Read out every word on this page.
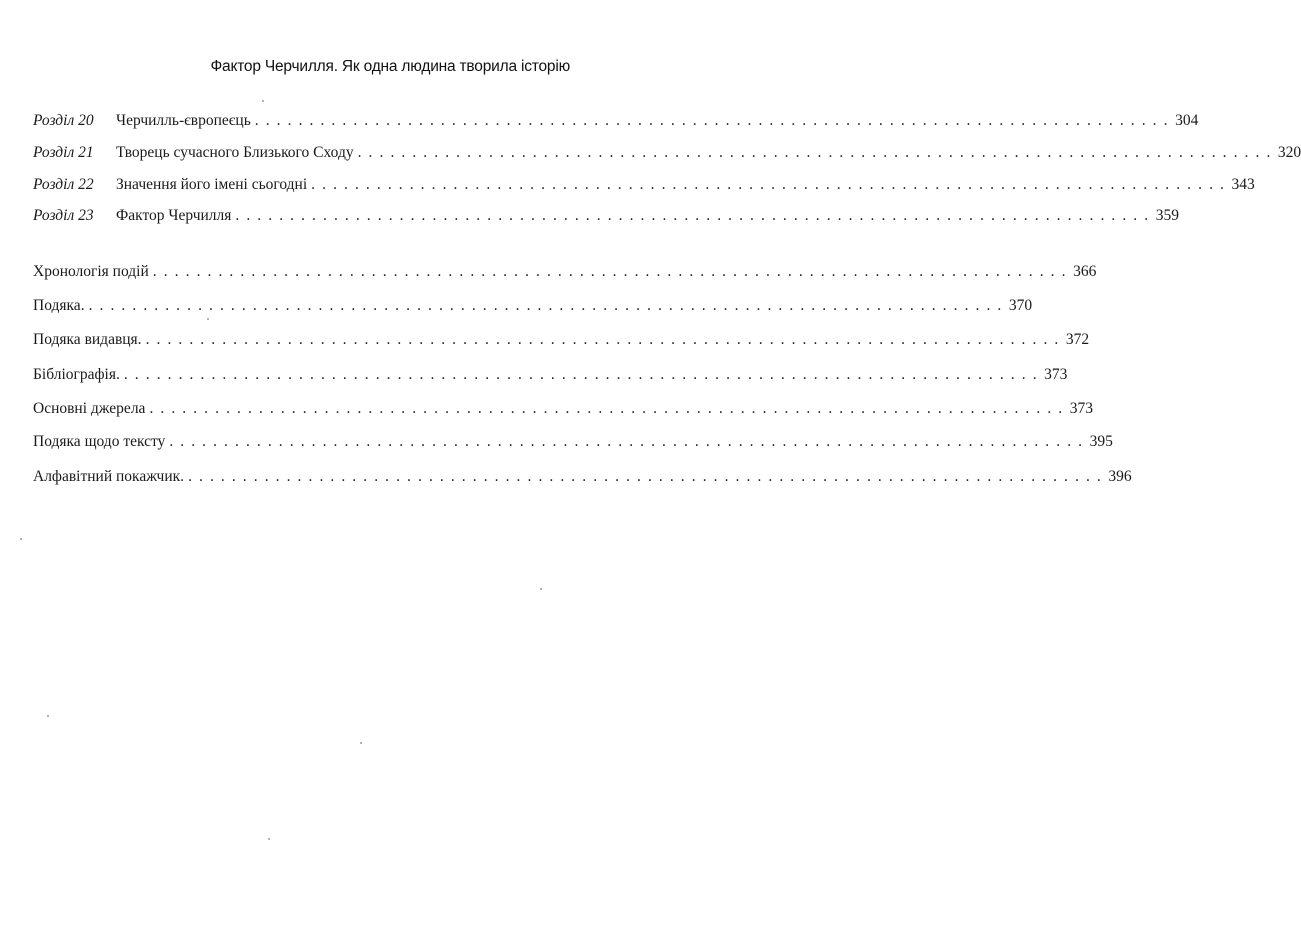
Фактор Черчилля. Як одна людина творила історію
Розділ 20 Черчилль-європеєць . . . . . . . . . . . . . . . . . . . . . . . . . . . . . . . . . . . . . . . . . . . . . . . . . . . . . . . . . . . . . . . . . . . . . . . . . . . . . . . . . . . . 304
Розділ 21 Творець сучасного Близького Сходу . . . . . . . . . . . . . . . . . . . . . . . . . . . . . . . . . . . . . . . . . . . . . . . . . . . . . . . . . . . . . . . . . . . . . . . . . . . . . . . . . . . . 320
Розділ 22 Значення його імені сьогодні . . . . . . . . . . . . . . . . . . . . . . . . . . . . . . . . . . . . . . . . . . . . . . . . . . . . . . . . . . . . . . . . . . . . . . . . . . . . . . . . . . . . 343
Розділ 23 Фактор Черчилля . . . . . . . . . . . . . . . . . . . . . . . . . . . . . . . . . . . . . . . . . . . . . . . . . . . . . . . . . . . . . . . . . . . . . . . . . . . . . . . . . . . . 359
Хронологія подій . . . . . . . . . . . . . . . . . . . . . . . . . . . . . . . . . . . . . . . . . . . . . . . . . . . . . . . . . . . . . . . . . . . . . . . . . . . . . . . . . . . . 366
Подяка. . . . . . . . . . . . . . . . . . . . . . . . . . . . . . . . . . . . . . . . . . . . . . . . . . . . . . . . . . . . . . . . . . . . . . . . . . . . . . . . . . . . . 370
Подяка видавця. . . . . . . . . . . . . . . . . . . . . . . . . . . . . . . . . . . . . . . . . . . . . . . . . . . . . . . . . . . . . . . . . . . . . . . . . . . . . . . . . . . . . 372
Бібліографія. . . . . . . . . . . . . . . . . . . . . . . . . . . . . . . . . . . . . . . . . . . . . . . . . . . . . . . . . . . . . . . . . . . . . . . . . . . . . . . . . . . . . 373
Основні джерела . . . . . . . . . . . . . . . . . . . . . . . . . . . . . . . . . . . . . . . . . . . . . . . . . . . . . . . . . . . . . . . . . . . . . . . . . . . . . . . . . . . . 373
Подяка щодо тексту . . . . . . . . . . . . . . . . . . . . . . . . . . . . . . . . . . . . . . . . . . . . . . . . . . . . . . . . . . . . . . . . . . . . . . . . . . . . . . . . . . . . 395
Алфавітний покажчик. . . . . . . . . . . . . . . . . . . . . . . . . . . . . . . . . . . . . . . . . . . . . . . . . . . . . . . . . . . . . . . . . . . . . . . . . . . . . . . . . . . . . 396
